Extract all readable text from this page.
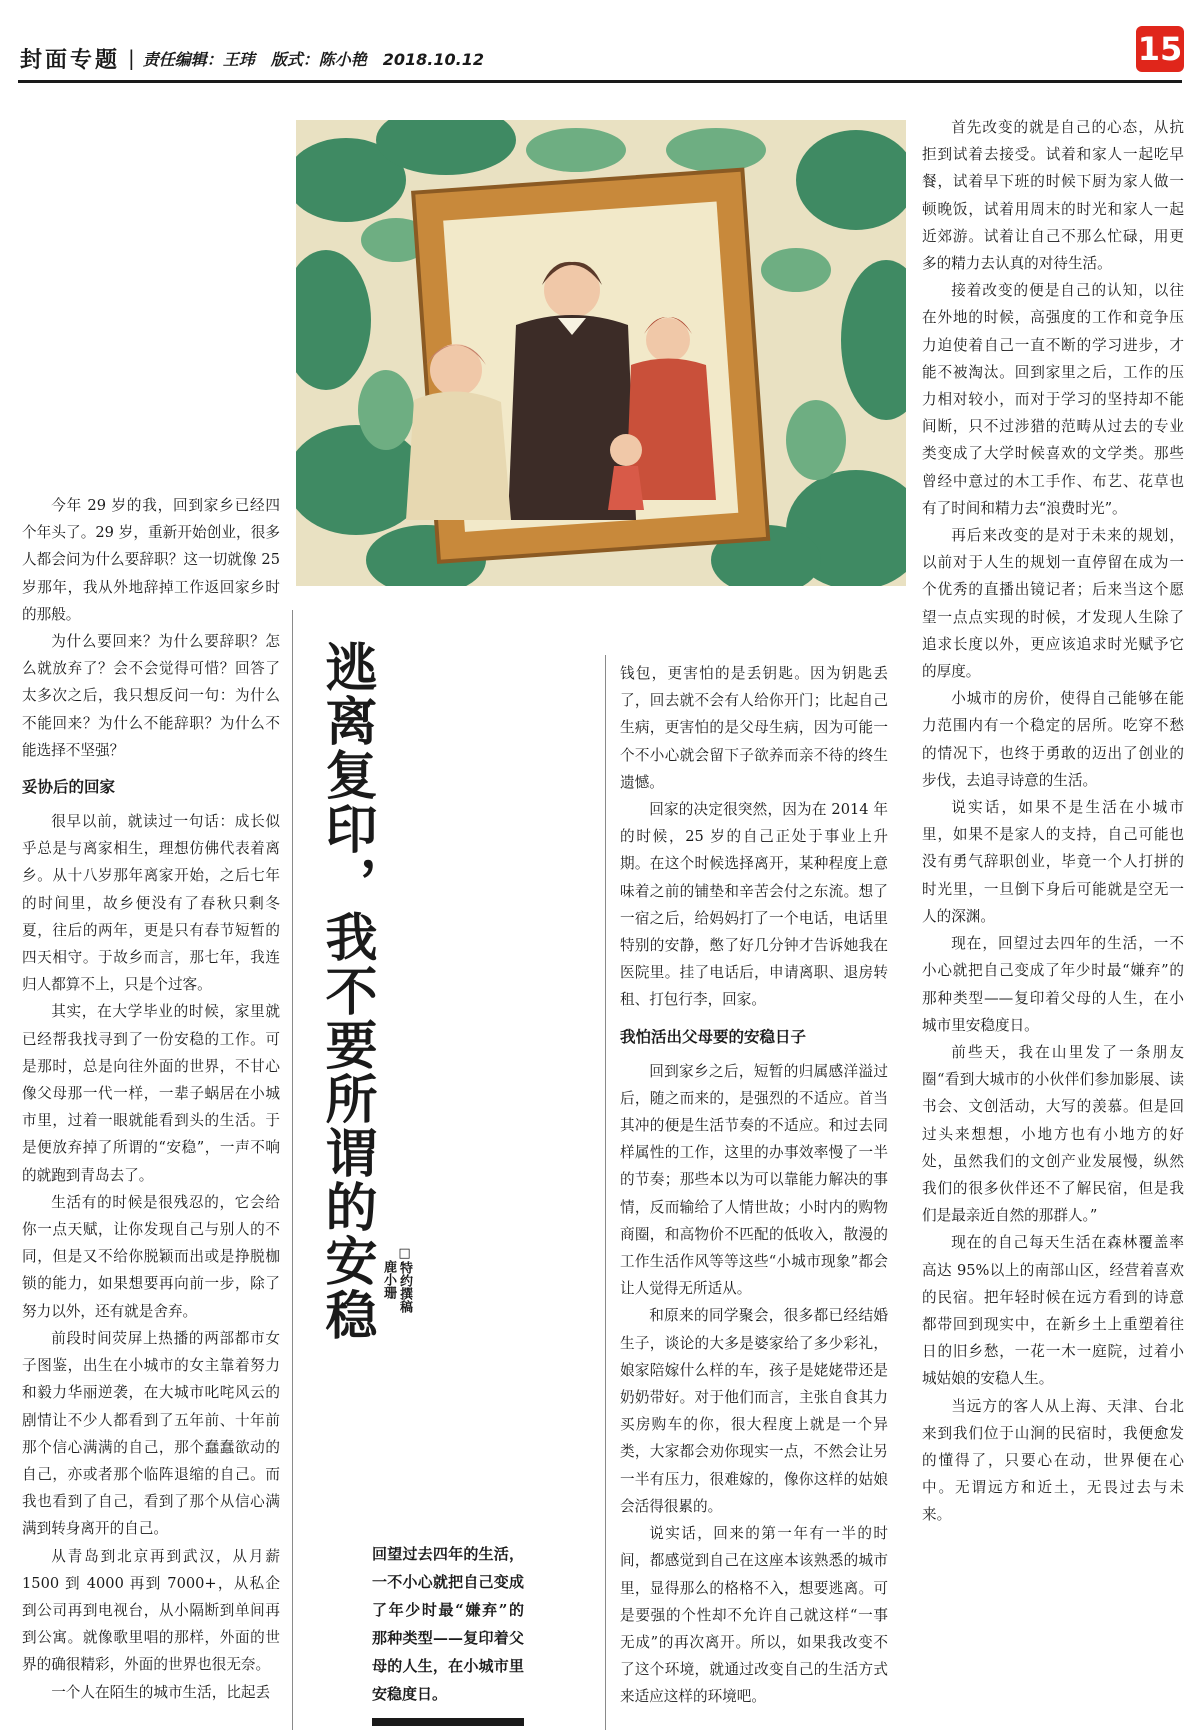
封面专题 | 责任编辑：王玮　版式：陈小艳　2018.10.12	15

今年 29 岁的我，回到家乡已经四个年头了。29 岁，重新开始创业，很多人都会问为什么要辞职？这一切就像 25 岁那年，我从外地辞掉工作返回家乡时的那般。

为什么要回来？为什么要辞职？怎么就放弃了？会不会觉得可惜？回答了太多次之后，我只想反问一句：为什么不能回来？为什么不能辞职？为什么不能选择不坚强？

妥协后的回家

很早以前，就读过一句话：成长似乎总是与离家相生，理想仿佛代表着离乡。从十八岁那年离家开始，之后七年的时间里，故乡便没有了春秋只剩冬夏，往后的两年，更是只有春节短暂的四天相守。于故乡而言，那七年，我连归人都算不上，只是个过客。

其实，在大学毕业的时候，家里就已经帮我找寻到了一份安稳的工作。可是那时，总是向往外面的世界，不甘心像父母那一代一样，一辈子蜗居在小城市里，过着一眼就能看到头的生活。于是便放弃掉了所谓的“安稳”，一声不响的就跑到青岛去了。

生活有的时候是很残忍的，它会给你一点天赋，让你发现自己与别人的不同，但是又不给你脱颖而出或是挣脱枷锁的能力，如果想要再向前一步，除了努力以外，还有就是舍弃。

前段时间荧屏上热播的两部都市女子图鉴，出生在小城市的女主靠着努力和毅力华丽逆袭，在大城市叱咤风云的剧情让不少人都看到了五年前、十年前那个信心满满的自己，那个蠢蠢欲动的自己，亦或者那个临阵退缩的自己。而我也看到了自己，看到了那个从信心满满到转身离开的自己。

从青岛到北京再到武汉，从月薪 1500 到 4000 再到 7000+，从私企到公司再到电视台，从小隔断到单间再到公寓。就像歌里唱的那样，外面的世界的确很精彩，外面的世界也很无奈。

一个人在陌生的城市生活，比起丢

逃离复印，我不要所谓的安稳 □特约撰稿
鹿小珊
回望过去四年的生活，一不小心就把自己变成了年少时最“嫌弃”的那种类型——复印着父母的人生，在小城市里安稳度日。

钱包，更害怕的是丢钥匙。因为钥匙丢了，回去就不会有人给你开门；比起自己生病，更害怕的是父母生病，因为可能一个不小心就会留下子欲养而亲不待的终生遗憾。

回家的决定很突然，因为在 2014 年的时候，25 岁的自己正处于事业上升期。在这个时候选择离开，某种程度上意味着之前的铺垫和辛苦会付之东流。想了一宿之后，给妈妈打了一个电话，电话里特别的安静，憋了好几分钟才告诉她我在医院里。挂了电话后，申请离职、退房转租、打包行李，回家。

我怕活出父母要的安稳日子

回到家乡之后，短暂的归属感洋溢过后，随之而来的，是强烈的不适应。首当其冲的便是生活节奏的不适应。和过去同样属性的工作，这里的办事效率慢了一半的节奏；那些本以为可以靠能力解决的事情，反而输给了人情世故；小时内的购物商圈，和高物价不匹配的低收入，散漫的工作生活作风等等这些“小城市现象”都会让人觉得无所适从。

和原来的同学聚会，很多都已经结婚生子，谈论的大多是婆家给了多少彩礼，娘家陪嫁什么样的车，孩子是姥姥带还是奶奶带好。对于他们而言，主张自食其力买房购车的你，很大程度上就是一个异类，大家都会劝你现实一点，不然会让另一半有压力，很难嫁的，像你这样的姑娘会活得很累的。

说实话，回来的第一年有一半的时间，都感觉到自己在这座本该熟悉的城市里，显得那么的格格不入，想要逃离。可是要强的个性却不允许自己就这样“一事无成”的再次离开。所以，如果我改变不了这个环境，就通过改变自己的生活方式来适应这样的环境吧。

首先改变的就是自己的心态，从抗拒到试着去接受。试着和家人一起吃早餐，试着早下班的时候下厨为家人做一顿晚饭，试着用周末的时光和家人一起近郊游。试着让自己不那么忙碌，用更多的精力去认真的对待生活。

接着改变的便是自己的认知，以往在外地的时候，高强度的工作和竞争压力迫使着自己一直不断的学习进步，才能不被淘汰。回到家里之后，工作的压力相对较小，而对于学习的坚持却不能间断，只不过涉猎的范畴从过去的专业类变成了大学时候喜欢的文学类。那些曾经中意过的木工手作、布艺、花草也有了时间和精力去“浪费时光”。

再后来改变的是对于未来的规划，以前对于人生的规划一直停留在成为一个优秀的直播出镜记者；后来当这个愿望一点点实现的时候，才发现人生除了追求长度以外，更应该追求时光赋予它的厚度。

小城市的房价，使得自己能够在能力范围内有一个稳定的居所。吃穿不愁的情况下，也终于勇敢的迈出了创业的步伐，去追寻诗意的生活。

说实话，如果不是生活在小城市里，如果不是家人的支持，自己可能也没有勇气辞职创业，毕竟一个人打拼的时光里，一旦倒下身后可能就是空无一人的深渊。

现在，回望过去四年的生活，一不小心就把自己变成了年少时最“嫌弃”的那种类型——复印着父母的人生，在小城市里安稳度日。

前些天，我在山里发了一条朋友圈“看到大城市的小伙伴们参加影展、读书会、文创活动，大写的羡慕。但是回过头来想想，小地方也有小地方的好处，虽然我们的文创产业发展慢，纵然我们的很多伙伴还不了解民宿，但是我们是最亲近自然的那群人。”

现在的自己每天生活在森林覆盖率高达 95%以上的南部山区，经营着喜欢的民宿。把年轻时候在远方看到的诗意都带回到现实中，在新乡土上重塑着往日的旧乡愁，一花一木一庭院，过着小城姑娘的安稳人生。

当远方的客人从上海、天津、台北来到我们位于山涧的民宿时，我便愈发的懂得了，只要心在动，世界便在心中。无谓远方和近土，无畏过去与未来。
